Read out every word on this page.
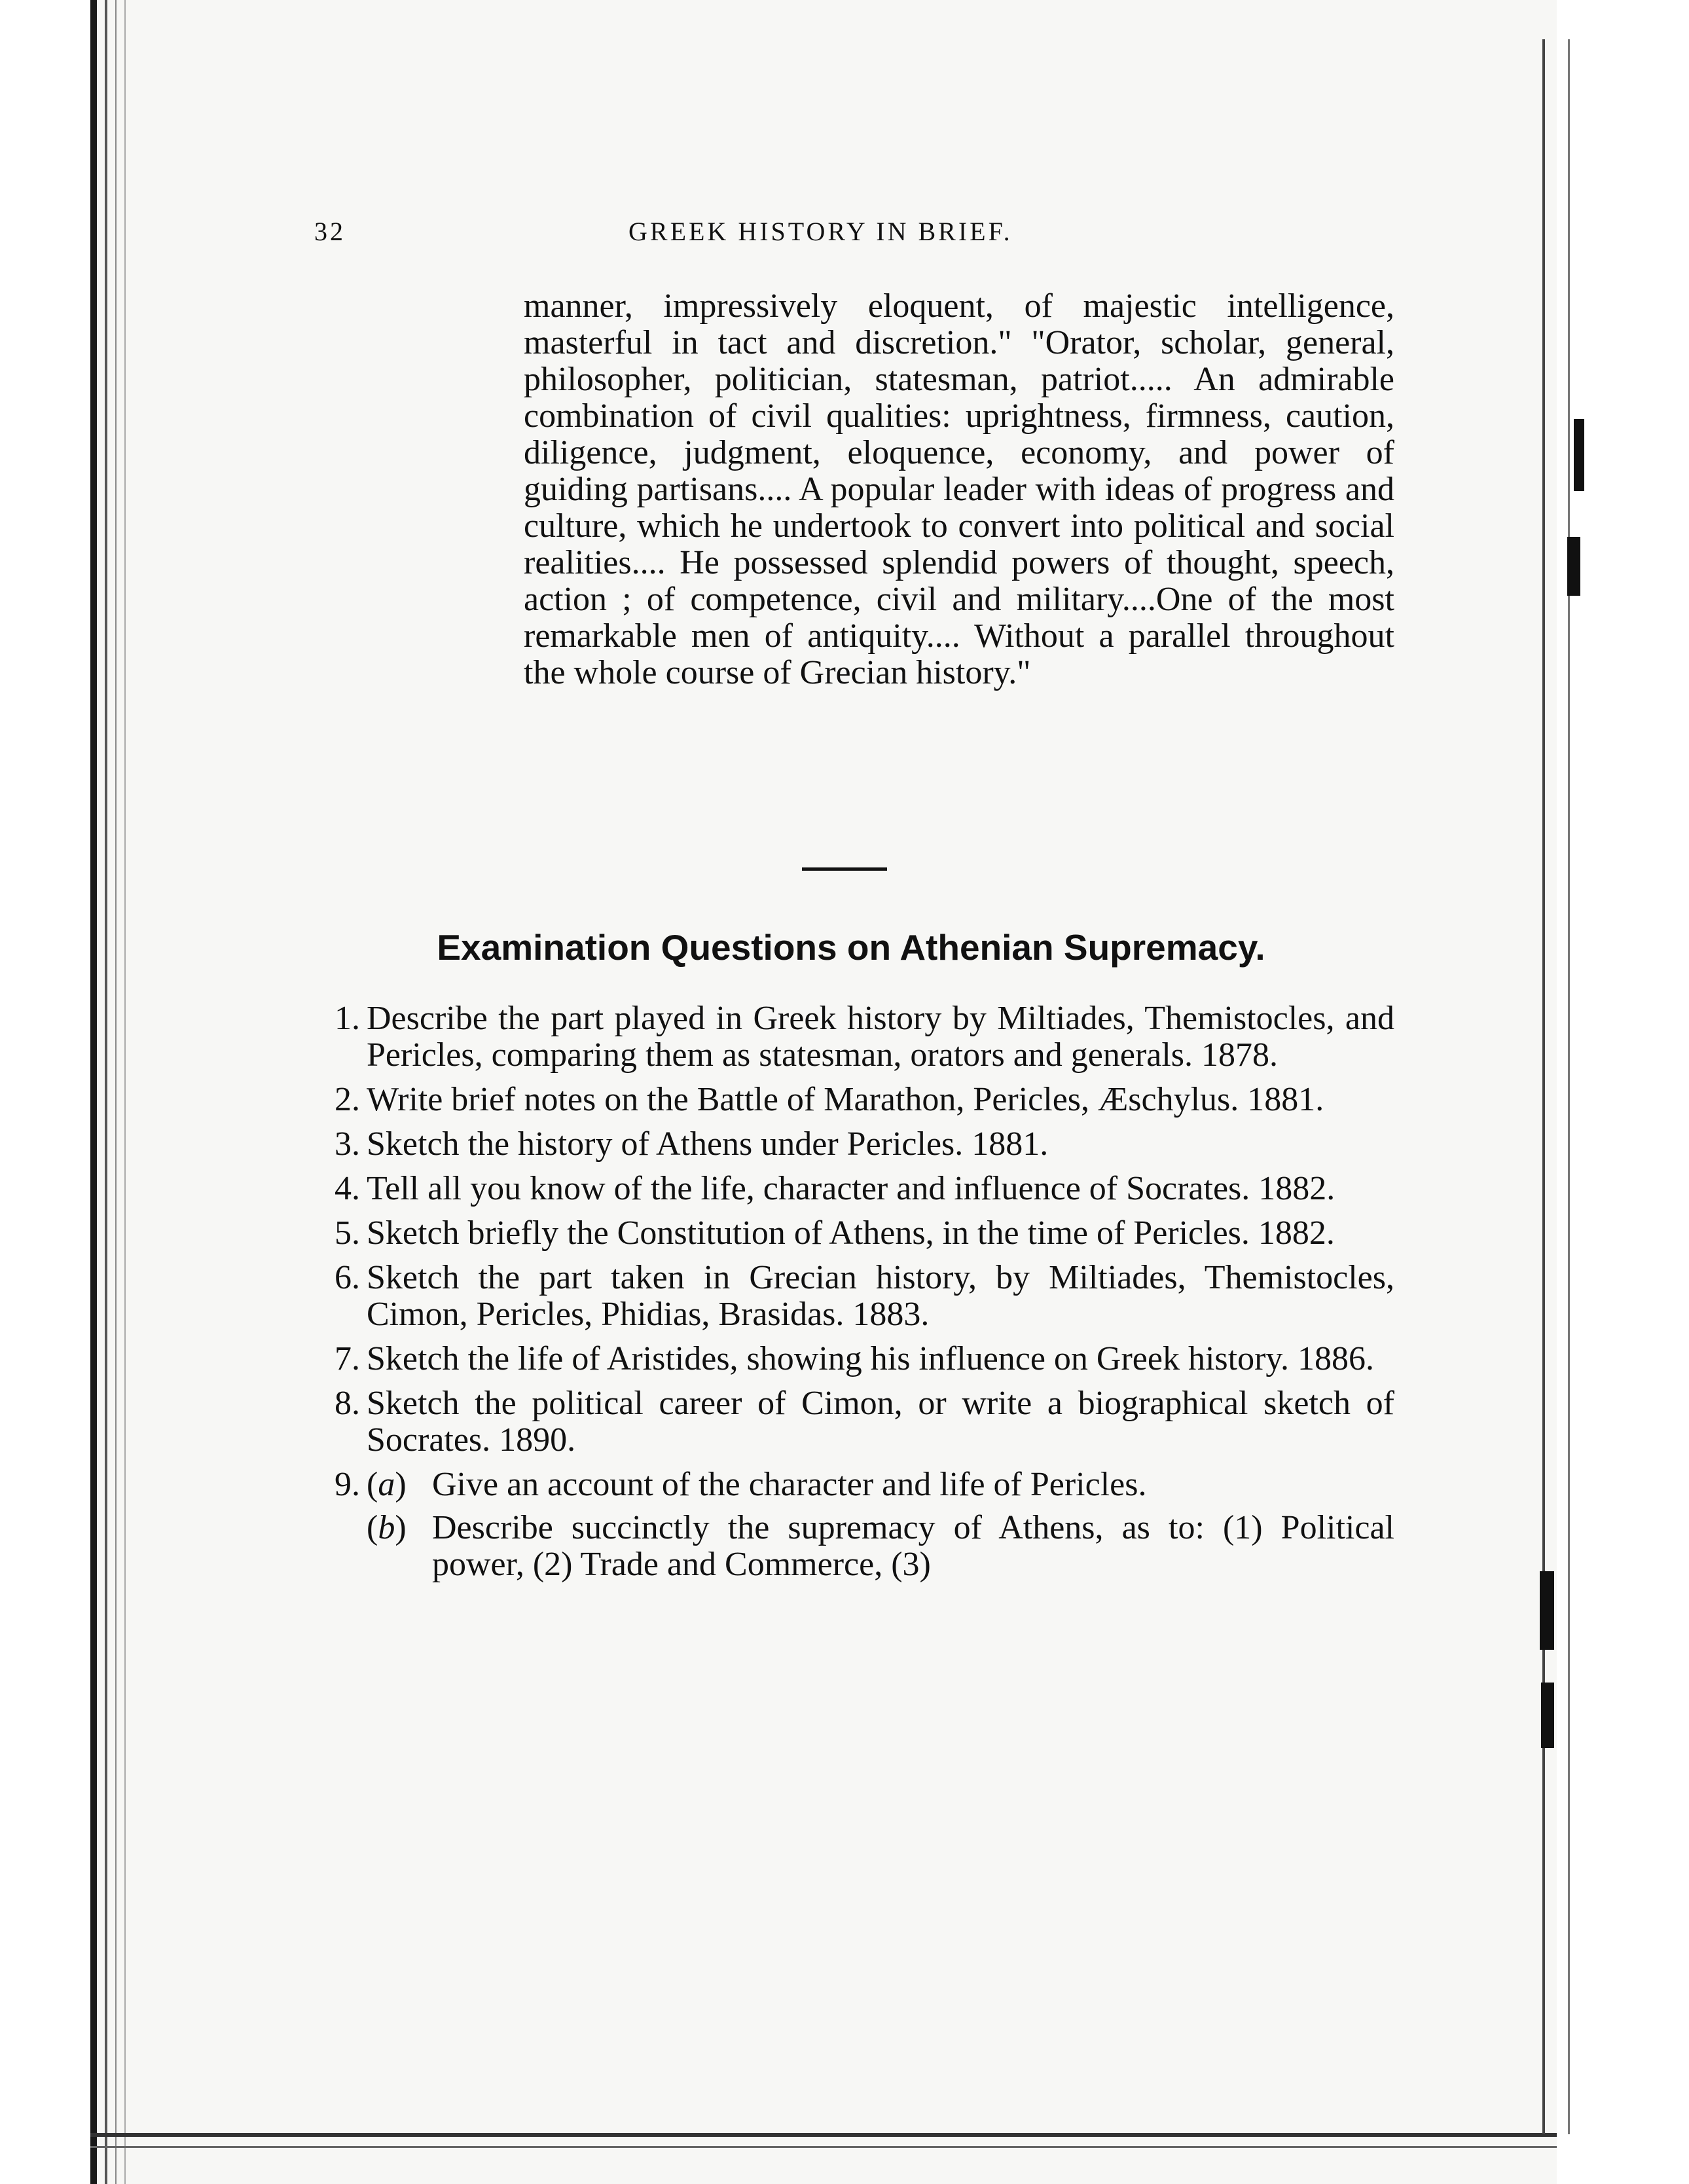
32	GREEK HISTORY IN BRIEF.

manner, impressively eloquent, of majestic intelligence, masterful in tact and discretion." "Orator, scholar, general, philosopher, politician, statesman, patriot..... An admirable combination of civil qualities: uprightness, firmness, caution, diligence, judgment, eloquence, economy, and power of guiding partisans.... A popular leader with ideas of progress and culture, which he undertook to convert into political and social realities.... He possessed splendid powers of thought, speech, action ; of competence, civil and military....One of the most remarkable men of antiquity.... Without a parallel throughout the whole course of Grecian history."

Examination Questions on Athenian Supremacy.
1. Describe the part played in Greek history by Miltiades, Themistocles, and Pericles, comparing them as statesman, orators and generals. 1878.
2. Write brief notes on the Battle of Marathon, Pericles, Æschylus. 1881.
3. Sketch the history of Athens under Pericles. 1881.
4. Tell all you know of the life, character and influence of Socrates. 1882.
5. Sketch briefly the Constitution of Athens, in the time of Pericles. 1882.
6. Sketch the part taken in Grecian history, by Miltiades, Themistocles, Cimon, Pericles, Phidias, Brasidas. 1883.
7. Sketch the life of Aristides, showing his influence on Greek history. 1886.
8. Sketch the political career of Cimon, or write a biographical sketch of Socrates. 1890.
9. (a) Give an account of the character and life of Pericles.
(b) Describe succinctly the supremacy of Athens, as to: (1) Political power, (2) Trade and Commerce, (3)
